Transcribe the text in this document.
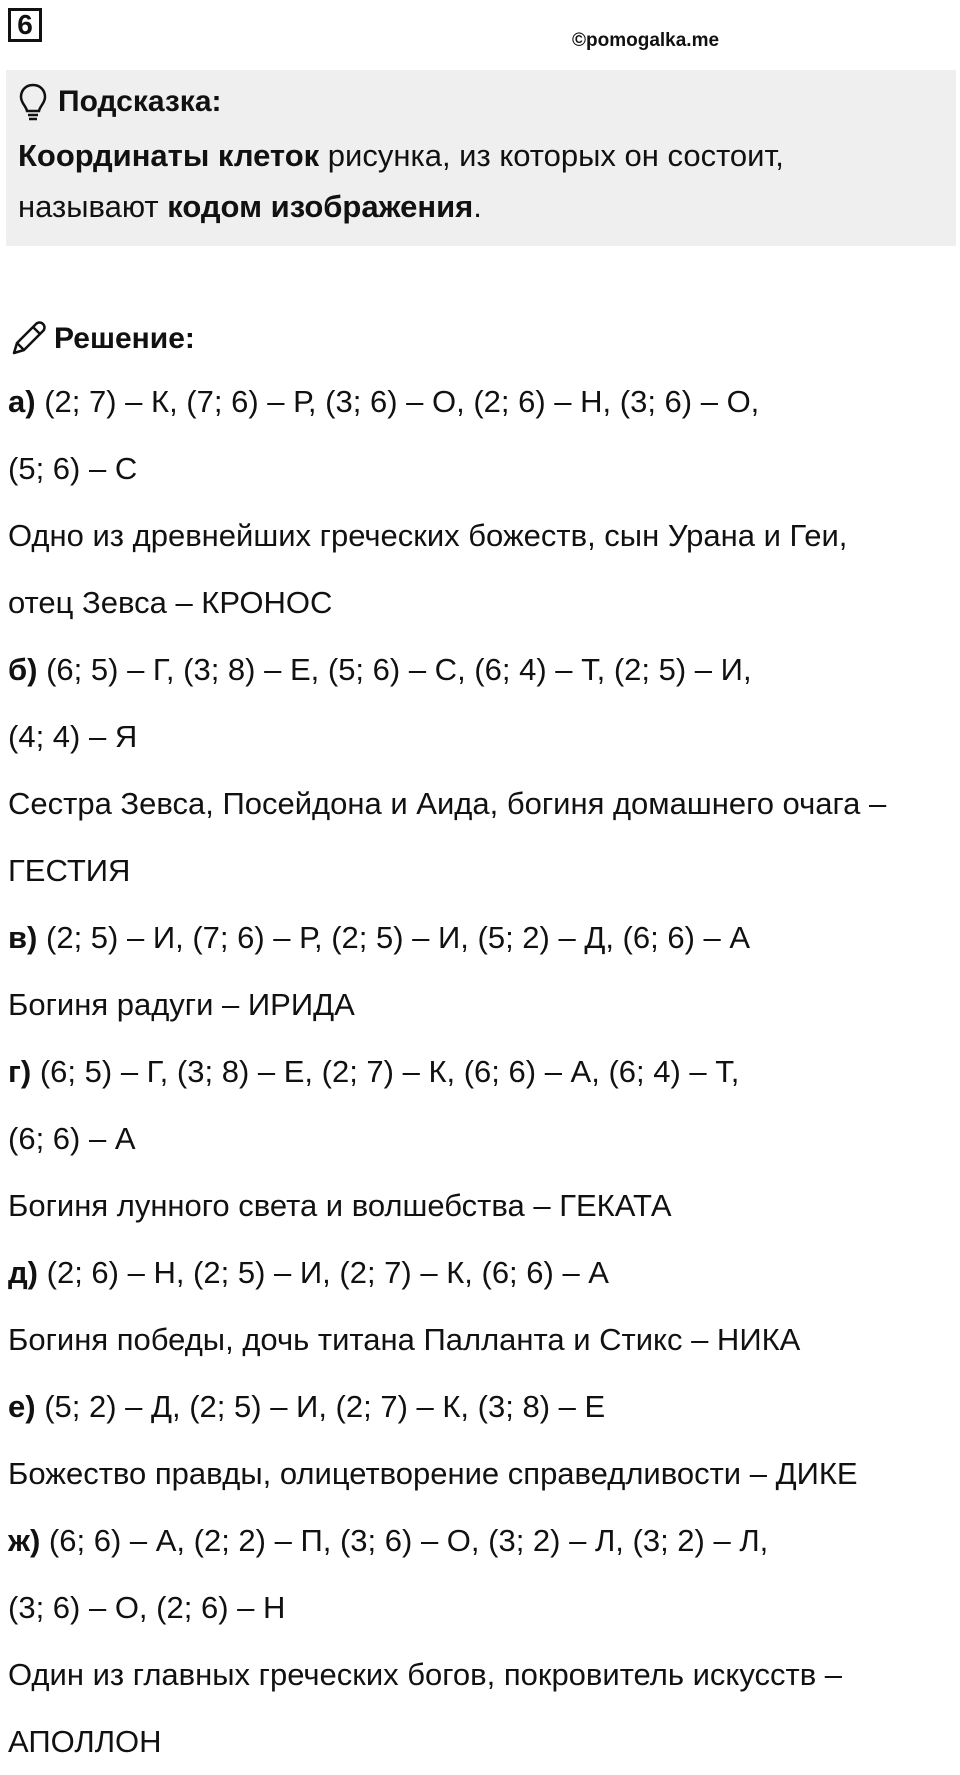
6
©pomogalka.me
Подсказка:
Координаты клеток рисунка, из которых он состоит,
называют кодом изображения.
Решение:
а) (2; 7) – К, (7; 6) – Р, (3; 6) – О, (2; 6) – Н, (3; 6) – О,
(5; 6) – С
Одно из древнейших греческих божеств, сын Урана и Геи,
отец Зевса – КРОНОС
б) (6; 5) – Г, (3; 8) – Е, (5; 6) – С, (6; 4) – Т, (2; 5) – И,
(4; 4) – Я
Сестра Зевса, Посейдона и Аида, богиня домашнего очага –
ГЕСТИЯ
в) (2; 5) – И, (7; 6) – Р, (2; 5) – И, (5; 2) – Д, (6; 6) – А
Богиня радуги – ИРИДА
г) (6; 5) – Г, (3; 8) – Е, (2; 7) – К, (6; 6) – А, (6; 4) – Т,
(6; 6) – А
Богиня лунного света и волшебства – ГЕКАТА
д) (2; 6) – Н, (2; 5) – И, (2; 7) – К, (6; 6) – А
Богиня победы, дочь титана Палланта и Стикс – НИКА
е) (5; 2) – Д, (2; 5) – И, (2; 7) – К, (3; 8) – Е
Божество правды, олицетворение справедливости – ДИКЕ
ж) (6; 6) – А, (2; 2) – П, (3; 6) – О, (3; 2) – Л, (3; 2) – Л,
(3; 6) – О, (2; 6) – Н
Один из главных греческих богов, покровитель искусств –
АПОЛЛОН
